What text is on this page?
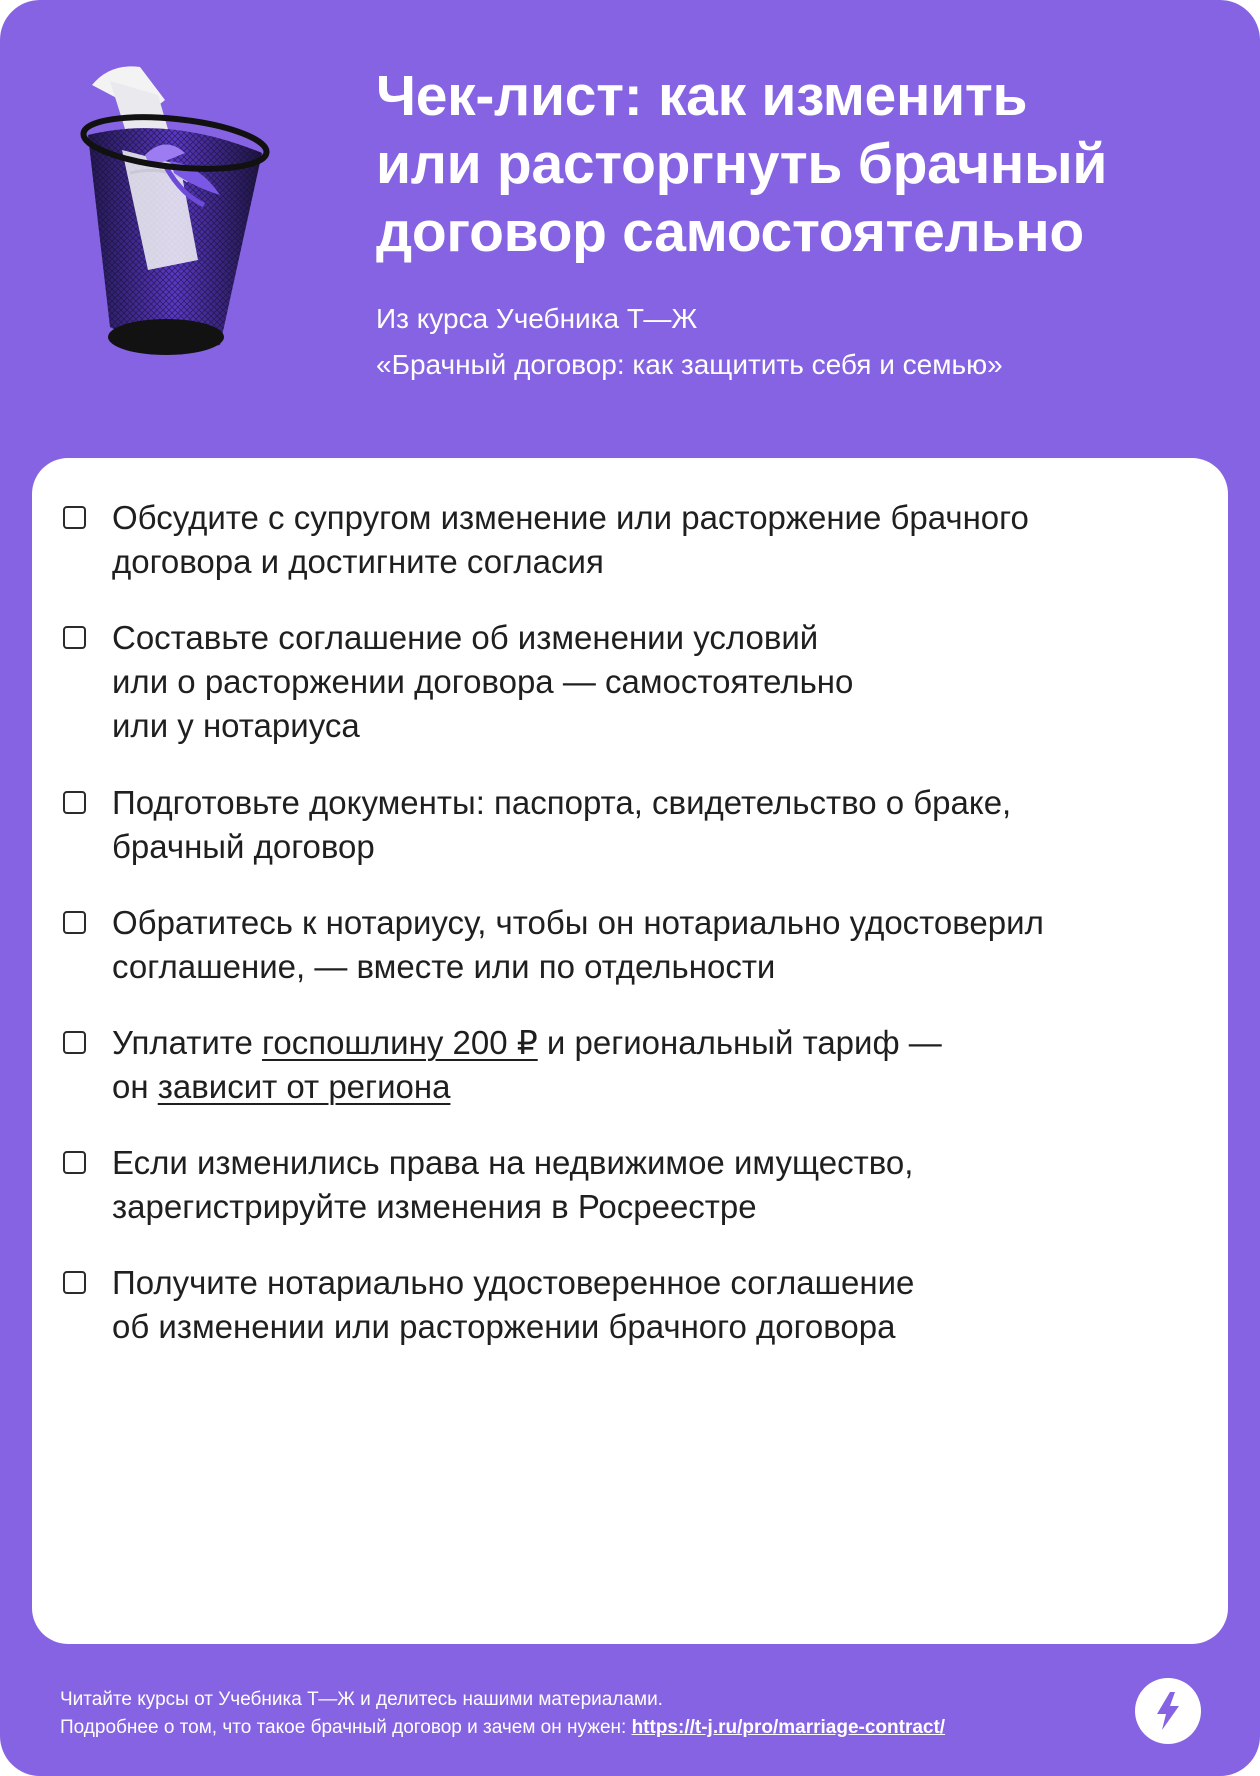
Чек-лист: как изменить
или расторгнуть брачный
договор самостоятельно
Из курса Учебника Т—Ж
«Брачный договор: как защитить себя и семью»
Обсудите с супругом изменение или расторжение брачного
договора и достигните согласия
Составьте соглашение об изменении условий
или о расторжении договора — самостоятельно
или у нотариуса
Подготовьте документы: паспорта, свидетельство о браке,
брачный договор
Обратитесь к нотариусу, чтобы он нотариально удостоверил
соглашение, — вместе или по отдельности
Уплатите госпошлину 200 ₽ и региональный тариф —
он зависит от региона
Если изменились права на недвижимое имущество,
зарегистрируйте изменения в Росреестре
Получите нотариально удостоверенное соглашение
об изменении или расторжении брачного договора
Читайте курсы от Учебника Т—Ж и делитесь нашими материалами.
Подробнее о том, что такое брачный договор и зачем он нужен: https://t-j.ru/pro/marriage-contract/
